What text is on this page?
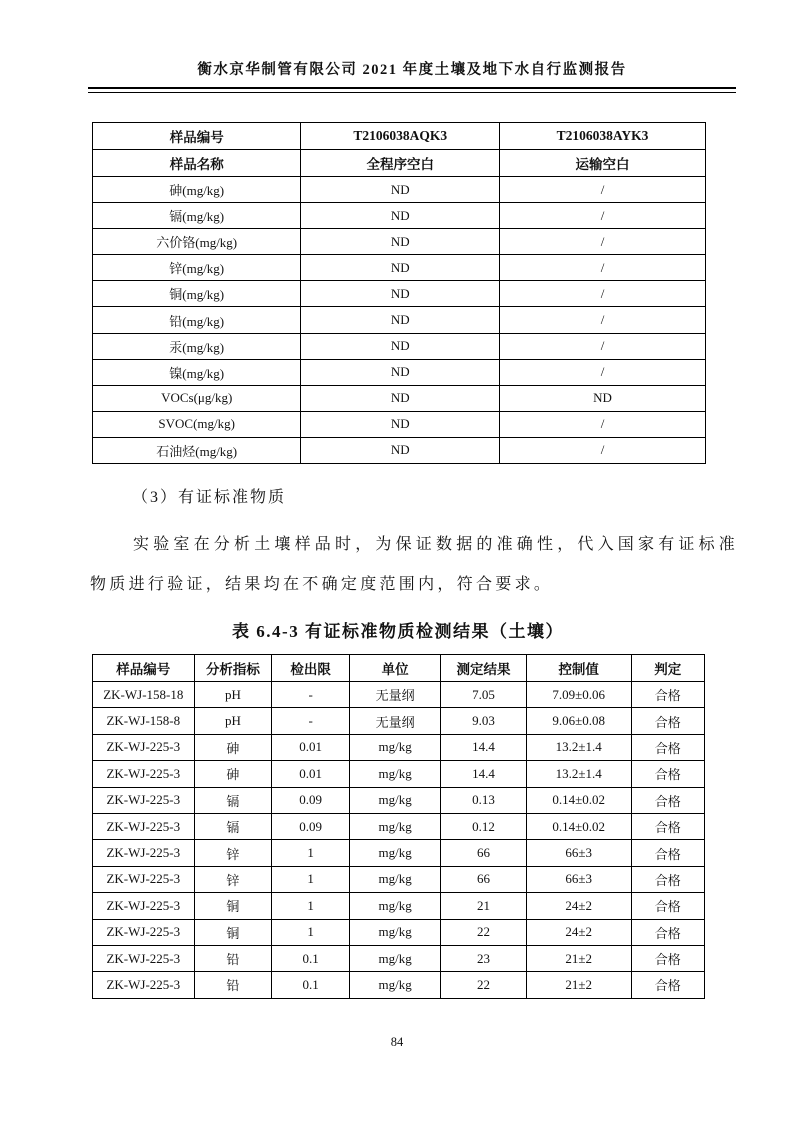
衡水京华制管有限公司 2021 年度土壤及地下水自行监测报告
样品编号	T2106038AQK3	T2106038AYK3
样品名称	全程序空白	运输空白
砷(mg/kg)	ND	/
镉(mg/kg)	ND	/
六价铬(mg/kg)	ND	/
锌(mg/kg)	ND	/
铜(mg/kg)	ND	/
铅(mg/kg)	ND	/
汞(mg/kg)	ND	/
镍(mg/kg)	ND	/
VOCs(μg/kg)	ND	ND
SVOC(mg/kg)	ND	/
石油烃(mg/kg)	ND	/
（3）有证标准物质
实验室在分析土壤样品时，为保证数据的准确性，代入国家有证标准
物质进行验证，结果均在不确定度范围内，符合要求。
表 6.4-3 有证标准物质检测结果（土壤）
样品编号	分析指标	检出限	单位	测定结果	控制值	判定
ZK-WJ-158-18	pH	-	无量纲	7.05	7.09±0.06	合格
ZK-WJ-158-8	pH	-	无量纲	9.03	9.06±0.08	合格
ZK-WJ-225-3	砷	0.01	mg/kg	14.4	13.2±1.4	合格
ZK-WJ-225-3	砷	0.01	mg/kg	14.4	13.2±1.4	合格
ZK-WJ-225-3	镉	0.09	mg/kg	0.13	0.14±0.02	合格
ZK-WJ-225-3	镉	0.09	mg/kg	0.12	0.14±0.02	合格
ZK-WJ-225-3	锌	1	mg/kg	66	66±3	合格
ZK-WJ-225-3	锌	1	mg/kg	66	66±3	合格
ZK-WJ-225-3	铜	1	mg/kg	21	24±2	合格
ZK-WJ-225-3	铜	1	mg/kg	22	24±2	合格
ZK-WJ-225-3	铅	0.1	mg/kg	23	21±2	合格
ZK-WJ-225-3	铅	0.1	mg/kg	22	21±2	合格
84
